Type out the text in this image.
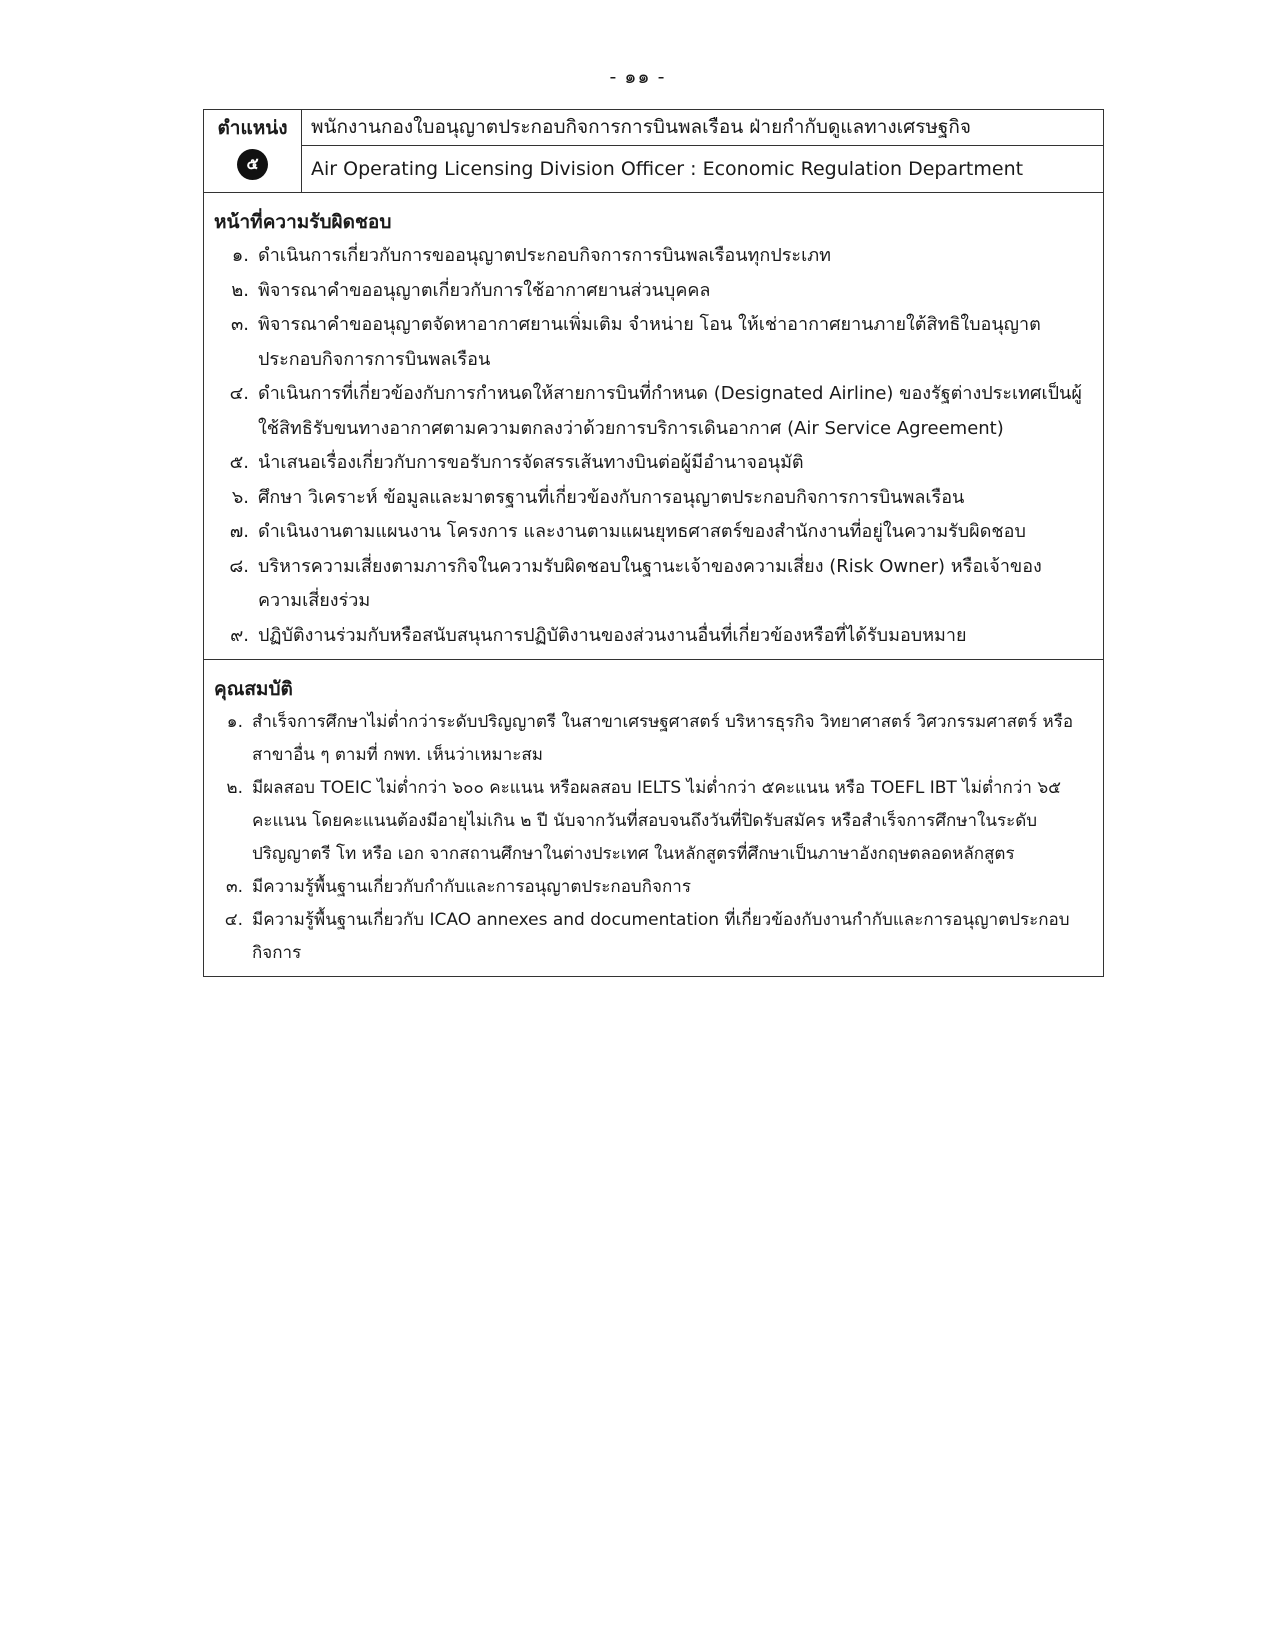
- ๑๑ -
ตำแหน่ง
๕
พนักงานกองใบอนุญาตประกอบกิจการการบินพลเรือน ฝ่ายกำกับดูแลทางเศรษฐกิจ
Air Operating Licensing Division Officer : Economic Regulation Department
หน้าที่ความรับผิดชอบ
๑. ดำเนินการเกี่ยวกับการขออนุญาตประกอบกิจการการบินพลเรือนทุกประเภท
๒. พิจารณาคำขออนุญาตเกี่ยวกับการใช้อากาศยานส่วนบุคคล
๓. พิจารณาคำขออนุญาตจัดหาอากาศยานเพิ่มเติม จำหน่าย โอน ให้เช่าอากาศยานภายใต้สิทธิใบอนุญาตประกอบกิจการการบินพลเรือน
๔. ดำเนินการที่เกี่ยวข้องกับการกำหนดให้สายการบินที่กำหนด (Designated Airline) ของรัฐต่างประเทศเป็นผู้ใช้สิทธิรับขนทางอากาศตามความตกลงว่าด้วยการบริการเดินอากาศ (Air Service Agreement)
๕. นำเสนอเรื่องเกี่ยวกับการขอรับการจัดสรรเส้นทางบินต่อผู้มีอำนาจอนุมัติ
๖. ศึกษา วิเคราะห์ ข้อมูลและมาตรฐานที่เกี่ยวข้องกับการอนุญาตประกอบกิจการการบินพลเรือน
๗. ดำเนินงานตามแผนงาน โครงการ และงานตามแผนยุทธศาสตร์ของสำนักงานที่อยู่ในความรับผิดชอบ
๘. บริหารความเสี่ยงตามภารกิจในความรับผิดชอบในฐานะเจ้าของความเสี่ยง (Risk Owner) หรือเจ้าของความเสี่ยงร่วม
๙. ปฏิบัติงานร่วมกับหรือสนับสนุนการปฏิบัติงานของส่วนงานอื่นที่เกี่ยวข้องหรือที่ได้รับมอบหมาย
คุณสมบัติ
๑. สำเร็จการศึกษาไม่ต่ำกว่าระดับปริญญาตรี ในสาขาเศรษฐศาสตร์ บริหารธุรกิจ วิทยาศาสตร์ วิศวกรรมศาสตร์ หรือสาขาอื่น ๆ ตามที่ กพท. เห็นว่าเหมาะสม
๒. มีผลสอบ TOEIC ไม่ต่ำกว่า ๖๐๐ คะแนน หรือผลสอบ IELTS ไม่ต่ำกว่า ๕คะแนน หรือ TOEFL IBT ไม่ต่ำกว่า ๖๕ คะแนน โดยคะแนนต้องมีอายุไม่เกิน ๒ ปี นับจากวันที่สอบจนถึงวันที่ปิดรับสมัคร หรือสำเร็จการศึกษาในระดับปริญญาตรี โท หรือ เอก จากสถานศึกษาในต่างประเทศ ในหลักสูตรที่ศึกษาเป็นภาษาอังกฤษตลอดหลักสูตร
๓. มีความรู้พื้นฐานเกี่ยวกับกำกับและการอนุญาตประกอบกิจการ
๔. มีความรู้พื้นฐานเกี่ยวกับ ICAO annexes and documentation ที่เกี่ยวข้องกับงานกำกับและการอนุญาตประกอบกิจการ
